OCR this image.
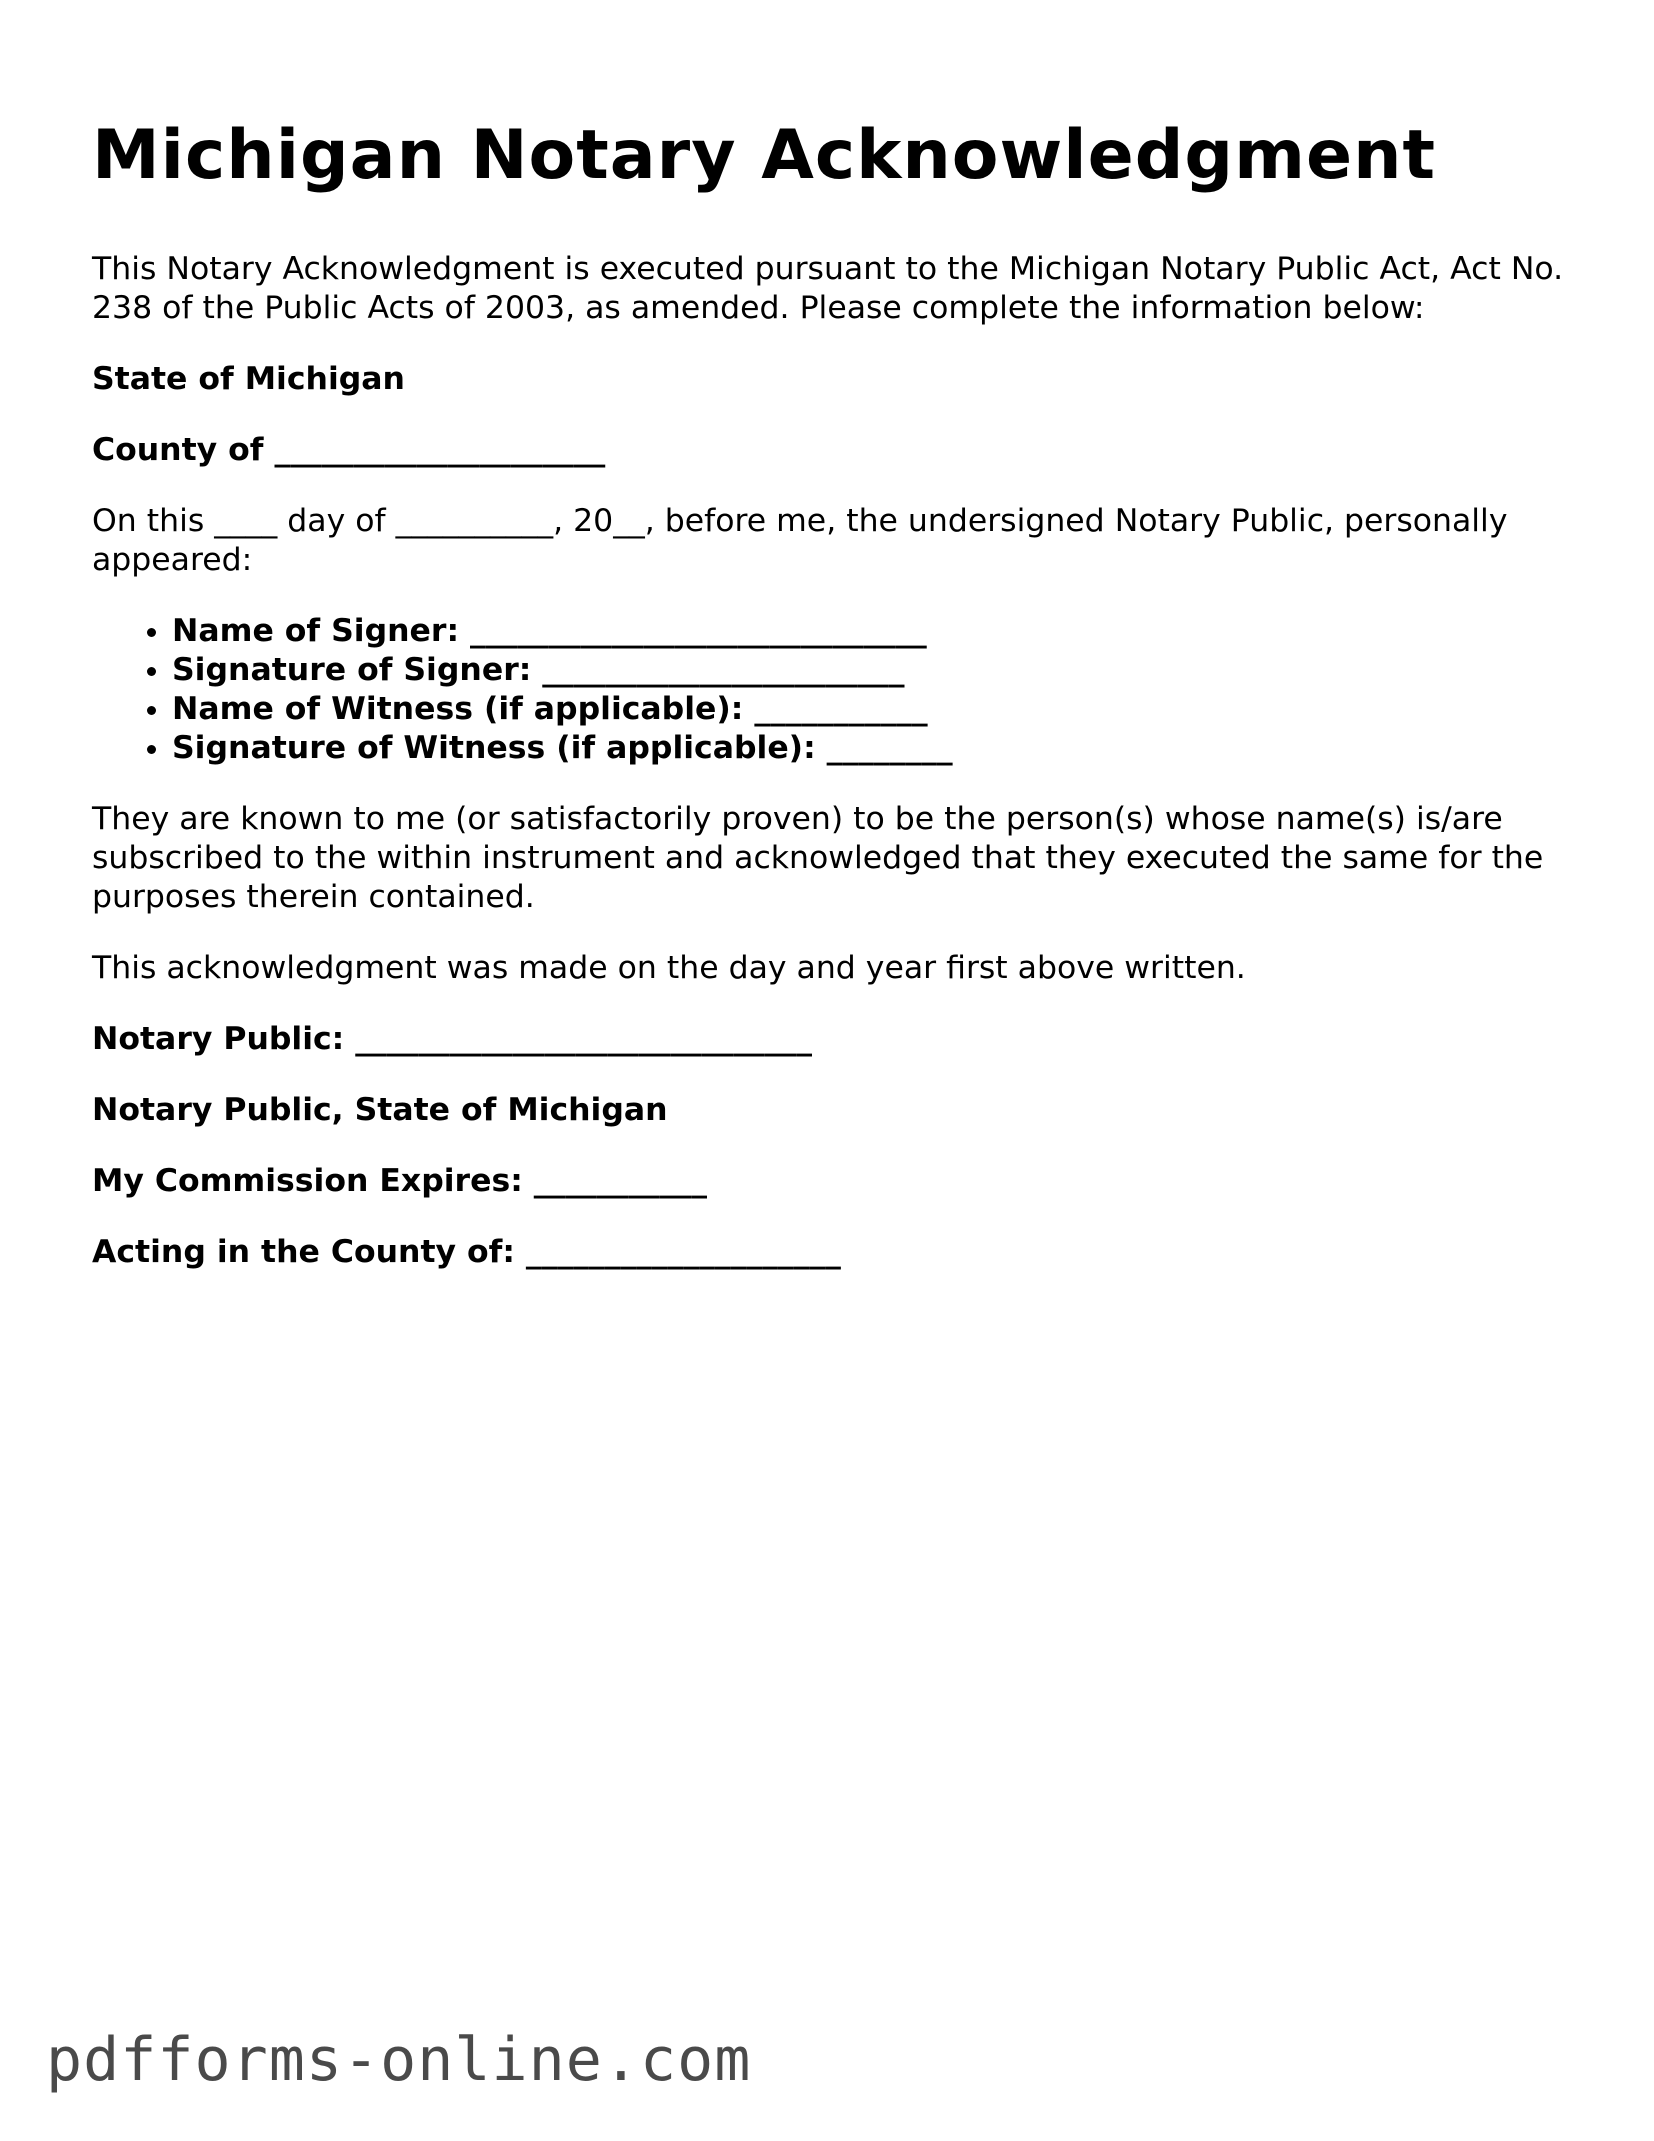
Michigan Notary Acknowledgment

This Notary Acknowledgment is executed pursuant to the Michigan Notary Public Act, Act No. 238 of the Public Acts of 2003, as amended. Please complete the information below:

State of Michigan

County of _____________________

On this ____ day of __________, 20__, before me, the undersigned Notary Public, personally appeared:

• Name of Signer: _____________________________
• Signature of Signer: _______________________
• Name of Witness (if applicable): ___________
• Signature of Witness (if applicable): ________

They are known to me (or satisfactorily proven) to be the person(s) whose name(s) is/are subscribed to the within instrument and acknowledged that they executed the same for the purposes therein contained.

This acknowledgment was made on the day and year first above written.

Notary Public: _____________________________

Notary Public, State of Michigan

My Commission Expires: ___________

Acting in the County of: ____________________

pdfforms-online.com
